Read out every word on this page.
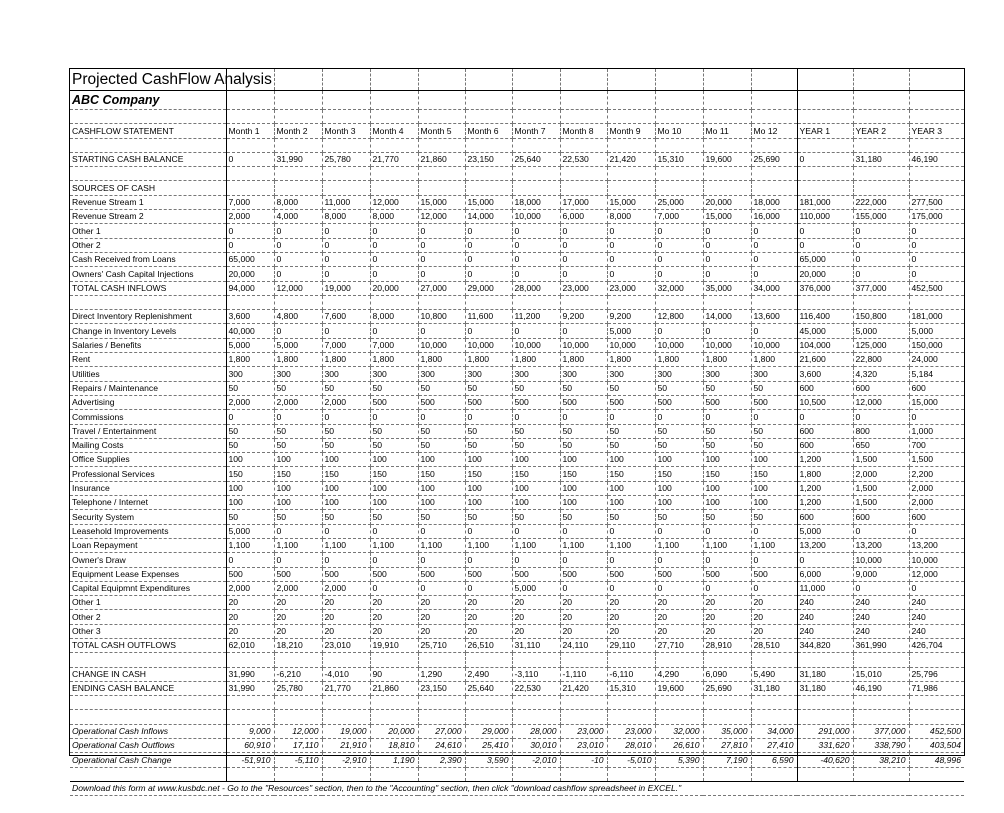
Projected CashFlow Analysis															
ABC Company															

CASHFLOW STATEMENT	Month 1	Month 2	Month 3	Month 4	Month 5	Month 6	Month 7	Month 8	Month 9	Mo 10	Mo 11	Mo 12	YEAR 1	YEAR 2	YEAR 3

STARTING CASH BALANCE	0	31,990	25,780	21,770	21,860	23,150	25,640	22,530	21,420	15,310	19,600	25,690	0	31,180	46,190

SOURCES OF CASH															
Revenue Stream 1	7,000	8,000	11,000	12,000	15,000	15,000	18,000	17,000	15,000	25,000	20,000	18,000	181,000	222,000	277,500
Revenue Stream 2	2,000	4,000	8,000	8,000	12,000	14,000	10,000	6,000	8,000	7,000	15,000	16,000	110,000	155,000	175,000
Other 1	0	0	0	0	0	0	0	0	0	0	0	0	0	0	0
Other 2	0	0	0	0	0	0	0	0	0	0	0	0	0	0	0
Cash Received from Loans	65,000	0	0	0	0	0	0	0	0	0	0	0	65,000	0	0
Owners' Cash Capital Injections	20,000	0	0	0	0	0	0	0	0	0	0	0	20,000	0	0
TOTAL CASH INFLOWS	94,000	12,000	19,000	20,000	27,000	29,000	28,000	23,000	23,000	32,000	35,000	34,000	376,000	377,000	452,500

Direct Inventory Replenishment	3,600	4,800	7,600	8,000	10,800	11,600	11,200	9,200	9,200	12,800	14,000	13,600	116,400	150,800	181,000
Change in Inventory Levels	40,000	0	0	0	0	0	0	0	5,000	0	0	0	45,000	5,000	5,000
Salaries / Benefits	5,000	5,000	7,000	7,000	10,000	10,000	10,000	10,000	10,000	10,000	10,000	10,000	104,000	125,000	150,000
Rent	1,800	1,800	1,800	1,800	1,800	1,800	1,800	1,800	1,800	1,800	1,800	1,800	21,600	22,800	24,000
Utilities	300	300	300	300	300	300	300	300	300	300	300	300	3,600	4,320	5,184
Repairs / Maintenance	50	50	50	50	50	50	50	50	50	50	50	50	600	600	600
Advertising	2,000	2,000	2,000	500	500	500	500	500	500	500	500	500	10,500	12,000	15,000
Commissions	0	0	0	0	0	0	0	0	0	0	0	0	0	0	0
Travel / Entertainment	50	50	50	50	50	50	50	50	50	50	50	50	600	800	1,000
Mailing Costs	50	50	50	50	50	50	50	50	50	50	50	50	600	650	700
Office Supplies	100	100	100	100	100	100	100	100	100	100	100	100	1,200	1,500	1,500
Professional Services	150	150	150	150	150	150	150	150	150	150	150	150	1,800	2,000	2,200
Insurance	100	100	100	100	100	100	100	100	100	100	100	100	1,200	1,500	2,000
Telephone / Internet	100	100	100	100	100	100	100	100	100	100	100	100	1,200	1,500	2,000
Security System	50	50	50	50	50	50	50	50	50	50	50	50	600	600	600
Leasehold Improvements	5,000	0	0	0	0	0	0	0	0	0	0	0	5,000	0	0
Loan Repayment	1,100	1,100	1,100	1,100	1,100	1,100	1,100	1,100	1,100	1,100	1,100	1,100	13,200	13,200	13,200
Owner's Draw	0	0	0	0	0	0	0	0	0	0	0	0	0	10,000	10,000
Equipment Lease Expenses	500	500	500	500	500	500	500	500	500	500	500	500	6,000	9,000	12,000
Capital Equipmnt Expenditures	2,000	2,000	2,000	0	0	0	5,000	0	0	0	0	0	11,000	0	0
Other 1	20	20	20	20	20	20	20	20	20	20	20	20	240	240	240
Other 2	20	20	20	20	20	20	20	20	20	20	20	20	240	240	240
Other 3	20	20	20	20	20	20	20	20	20	20	20	20	240	240	240
TOTAL CASH OUTFLOWS	62,010	18,210	23,010	19,910	25,710	26,510	31,110	24,110	29,110	27,710	28,910	28,510	344,820	361,990	426,704

CHANGE IN CASH	31,990	-6,210	-4,010	90	1,290	2,490	-3,110	-1,110	-6,110	4,290	6,090	5,490	31,180	15,010	25,796
ENDING CASH BALANCE	31,990	25,780	21,770	21,860	23,150	25,640	22,530	21,420	15,310	19,600	25,690	31,180	31,180	46,190	71,986

Operational Cash Inflows	9,000	12,000	19,000	20,000	27,000	29,000	28,000	23,000	23,000	32,000	35,000	34,000	291,000	377,000	452,500
Operational Cash Outflows	60,910	17,110	21,910	18,810	24,610	25,410	30,010	23,010	28,010	26,610	27,810	27,410	331,620	338,790	403,504
Operational Cash Change	-51,910	-5,110	-2,910	1,190	2,390	3,590	-2,010	-10	-5,010	5,390	7,190	6,590	-40,620	38,210	48,996

Download this form at www.kusbdc.net - Go to the "Resources" section, then to the "Accounting" section, then click "download cashflow spreadsheet in EXCEL."															
